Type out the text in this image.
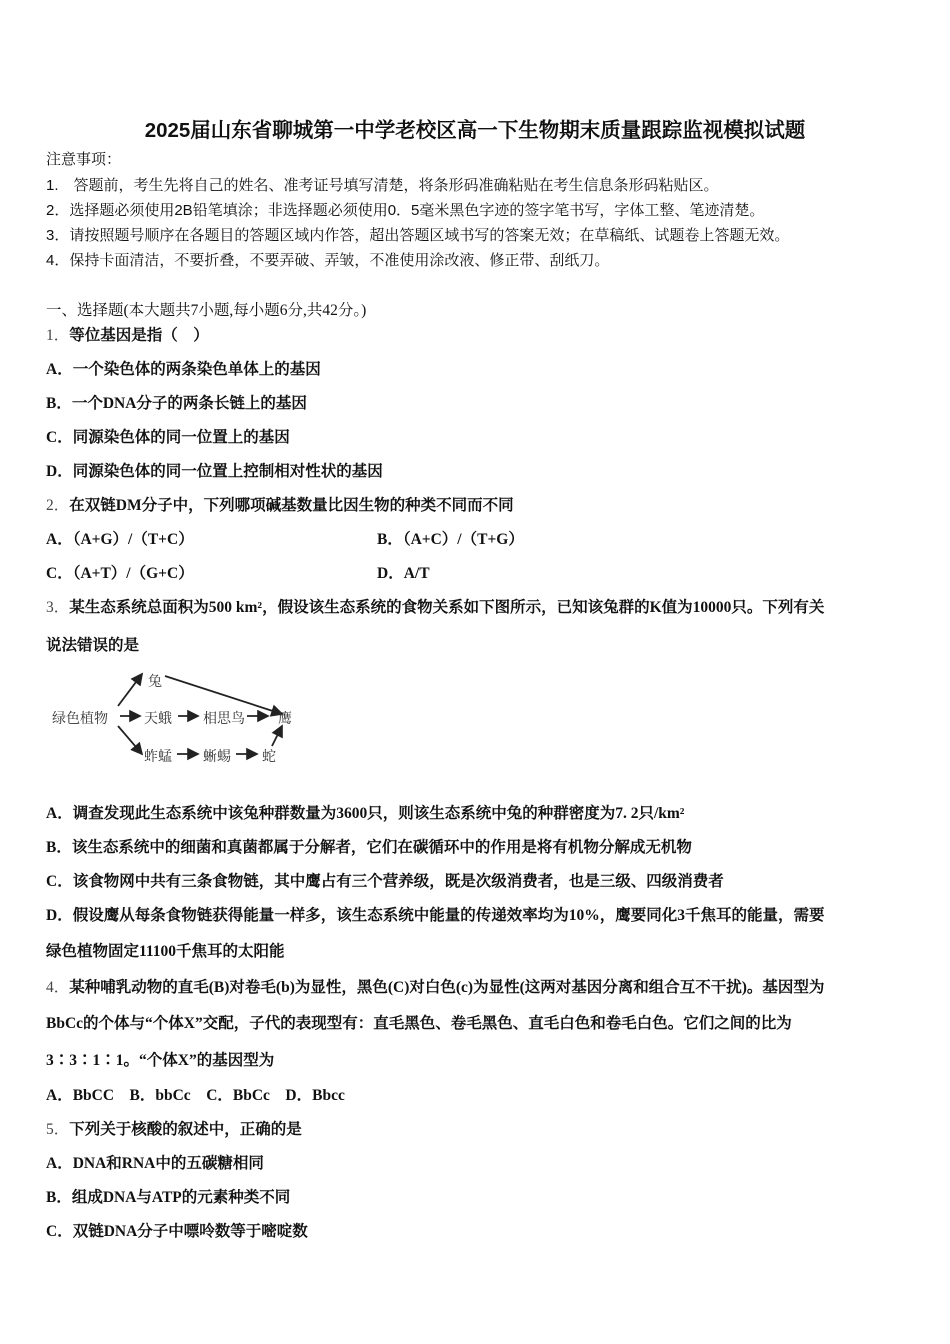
2025届山东省聊城第一中学老校区高一下生物期末质量跟踪监视模拟试题
注意事项：
1.　答题前，考生先将自己的姓名、准考证号填写清楚，将条形码准确粘贴在考生信息条形码粘贴区。
2．选择题必须使用2B铅笔填涂；非选择题必须使用0．5毫米黑色字迹的签字笔书写，字体工整、笔迹清楚。
3．请按照题号顺序在各题目的答题区域内作答，超出答题区域书写的答案无效；在草稿纸、试题卷上答题无效。
4．保持卡面清洁，不要折叠，不要弄破、弄皱，不准使用涂改液、修正带、刮纸刀。
一、选择题(本大题共7小题,每小题6分,共42分。)
1．等位基因是指（　）
A．一个染色体的两条染色单体上的基因
B．一个DNA分子的两条长链上的基因
C．同源染色体的同一位置上的基因
D．同源染色体的同一位置上控制相对性状的基因
2．在双链DM分子中，下列哪项碱基数量比因生物的种类不同而不同
A．（A+G）/（T+C）	B．（A+C）/（T+G）
C．（A+T）/（G+C）	D．A/T
3．某生态系统总面积为500 km²，假设该生态系统的食物关系如下图所示，已知该兔群的K值为10000只。下列有关
说法错误的是
兔
绿色植物	天蛾 相思鸟 鹰
蚱蜢 蜥蜴 蛇
A．调查发现此生态系统中该兔种群数量为3600只，则该生态系统中兔的种群密度为7. 2只/km²
B．该生态系统中的细菌和真菌都属于分解者，它们在碳循环中的作用是将有机物分解成无机物
C．该食物网中共有三条食物链，其中鹰占有三个营养级，既是次级消费者，也是三级、四级消费者
D．假设鹰从每条食物链获得能量一样多，该生态系统中能量的传递效率均为10%，鹰要同化3千焦耳的能量，需要
绿色植物固定11100千焦耳的太阳能
4．某种哺乳动物的直毛(B)对卷毛(b)为显性，黑色(C)对白色(c)为显性(这两对基因分离和组合互不干扰)。基因型为
BbCc的个体与“个体X”交配，子代的表现型有：直毛黑色、卷毛黑色、直毛白色和卷毛白色。它们之间的比为
3∶3∶1∶1。“个体X”的基因型为
A．BbCC　B．bbCc　C．BbCc　D．Bbcc
5．下列关于核酸的叙述中，正确的是
A．DNA和RNA中的五碳糖相同
B．组成DNA与ATP的元素种类不同
C．双链DNA分子中嘌呤数等于嘧啶数
